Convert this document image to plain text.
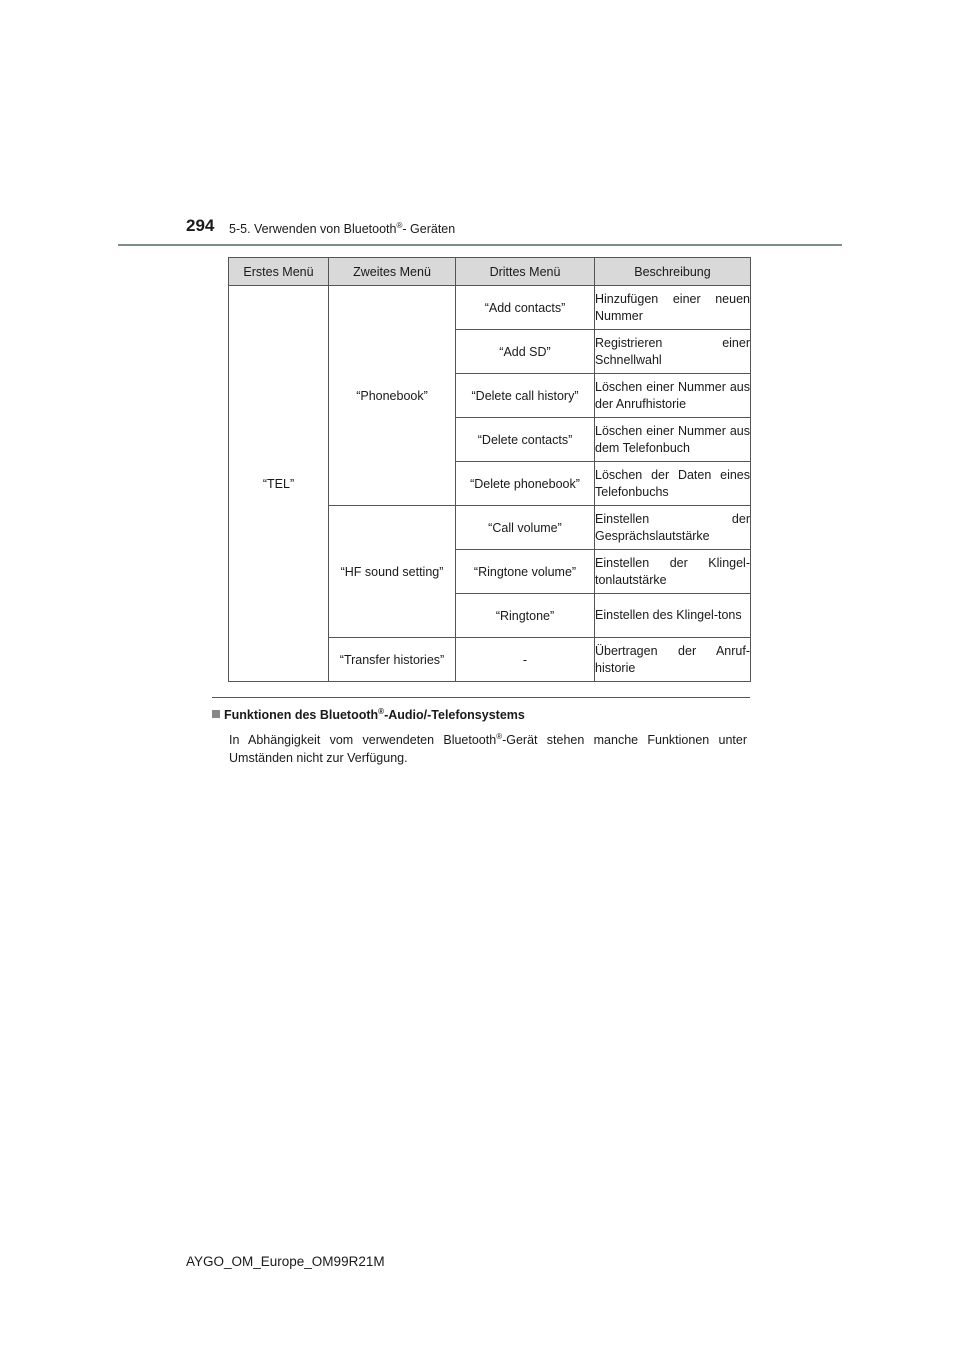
294 5-5. Verwenden von Bluetooth®- Geräten
Erstes Menü	Zweites Menü	Drittes Menü	Beschreibung
“TEL”	“Phonebook”	“Add contacts”	Hinzufügen einer neuen Nummer
		“Add SD”	Registrieren einer Schnellwahl
		“Delete call history”	Löschen einer Nummer aus der Anrufhistorie
		“Delete contacts”	Löschen einer Nummer aus dem Telefonbuch
		“Delete phonebook”	Löschen der Daten eines Telefonbuchs
	“HF sound setting”	“Call volume”	Einstellen der Gesprächslautstärke
		“Ringtone volume”	Einstellen der Klingel-tonlautstärke
		“Ringtone”	Einstellen des Klingel-tons
	“Transfer histories”	-	Übertragen der Anruf-historie
Funktionen des Bluetooth®-Audio/-Telefonsystems
In Abhängigkeit vom verwendeten Bluetooth®-Gerät stehen manche Funktionen unter Umständen nicht zur Verfügung.
AYGO_OM_Europe_OM99R21M
